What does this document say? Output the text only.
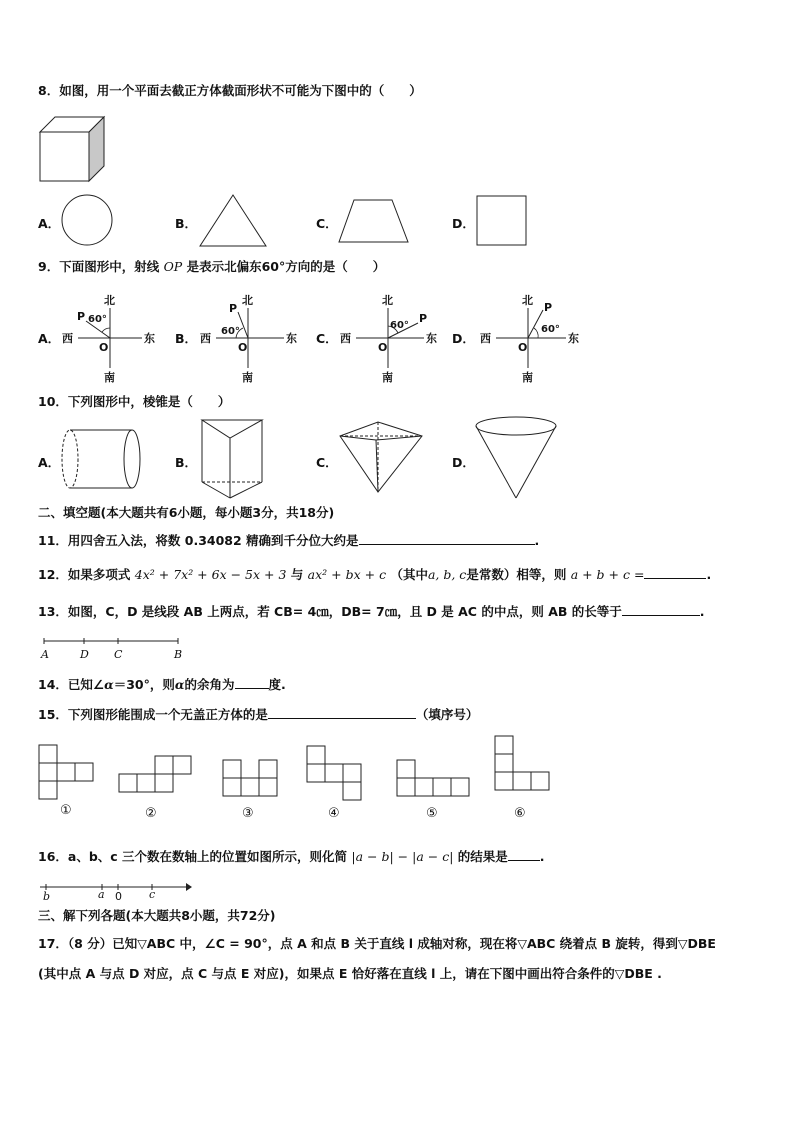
8．如图，用一个平面去截正方体截面形状不可能为下图中的（　　）
A．	B．	C．	D．
9．下面图形中，射线 OP 是表示北偏东60°方向的是（　　）
A．	B．	C．	D．
北
南
西	东
O
P 60°
北
南
西	东
O
P
60°
北
南
西	东
O
P
60°
北
南
西	东
O
P
60°
10．下列图形中，棱锥是（　　）
A．	B．	C．	D．
二、填空题(本大题共有6小题，每小题3分，共18分)
11．用四舍五入法，将数 0.34082 精确到千分位大约是	.
12．如果多项式 4x² + 7x² + 6x − 5x + 3 与 ax² + bx + c （其中a, b, c是常数）相等，则 a + b + c =	.
13．如图，C，D 是线段 AB 上两点，若 CB= 4㎝，DB= 7㎝，且 D 是 AC 的中点，则 AB 的长等于	.
A	D C	B
14．已知∠α＝30°，则α的余角为	度.
15．下列图形能围成一个无盖正方体的是	（填序号）
①	②	③	④	⑤	⑥
16．a、b、c 三个数在数轴上的位置如图所示，则化简 |a − b| − |a − c| 的结果是	.
b	a 0 c
三、解下列各题(本大题共8小题，共72分)
17．（8 分）已知▽ABC 中，∠C = 90°，点 A 和点 B 关于直线 l 成轴对称，现在将▽ABC 绕着点 B 旋转，得到▽DBE
(其中点 A 与点 D 对应，点 C 与点 E 对应)，如果点 E 恰好落在直线 l 上，请在下图中画出符合条件的▽DBE .
